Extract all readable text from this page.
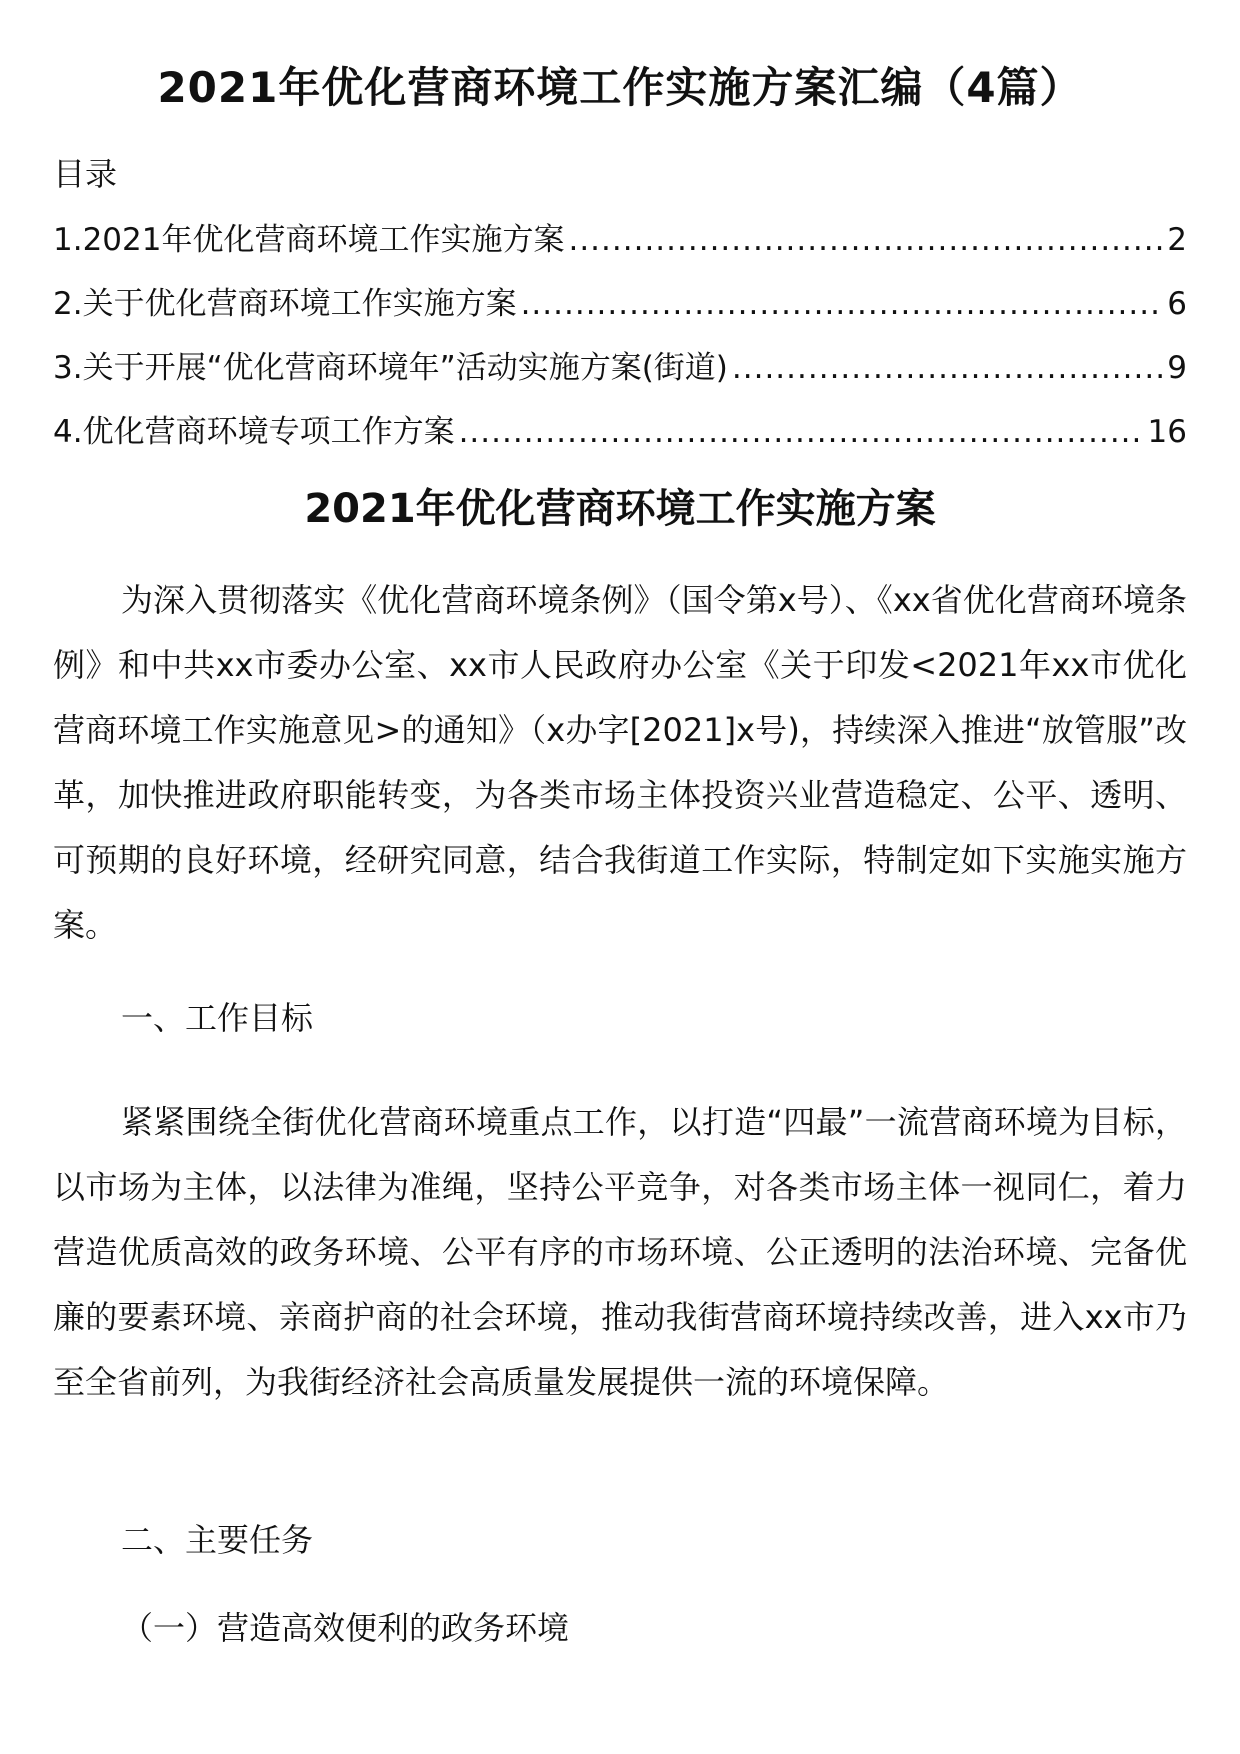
2021年优化营商环境工作实施方案汇编（4篇）
目录
1.2021年优化营商环境工作实施方案 .....	2
2.关于优化营商环境工作实施方案 .....	6
3.关于开展“优化营商环境年”活动实施方案(街道) .....	9
4.优化营商环境专项工作方案 .....	16
2021年优化营商环境工作实施方案

为深入贯彻落实《优化营商环境条例》（国令第x号）、《xx省优化营商环境条例》和中共xx市委办公室、xx市人民政府办公室《关于印发<2021年xx市优化营商环境工作实施意见>的通知》（x办字[2021]x号)，持续深入推进“放管服”改革，加快推进政府职能转变，为各类市场主体投资兴业营造稳定、公平、透明、可预期的良好环境，经研究同意，结合我街道工作实际，特制定如下实施实施方案。

一、工作目标

紧紧围绕全街优化营商环境重点工作，以打造“四最”一流营商环境为目标，以市场为主体，以法律为准绳，坚持公平竞争，对各类市场主体一视同仁，着力营造优质高效的政务环境、公平有序的市场环境、公正透明的法治环境、完备优廉的要素环境、亲商护商的社会环境，推动我街营商环境持续改善，进入xx市乃至全省前列，为我街经济社会高质量发展提供一流的环境保障。

二、主要任务
（一）营造高效便利的政务环境
